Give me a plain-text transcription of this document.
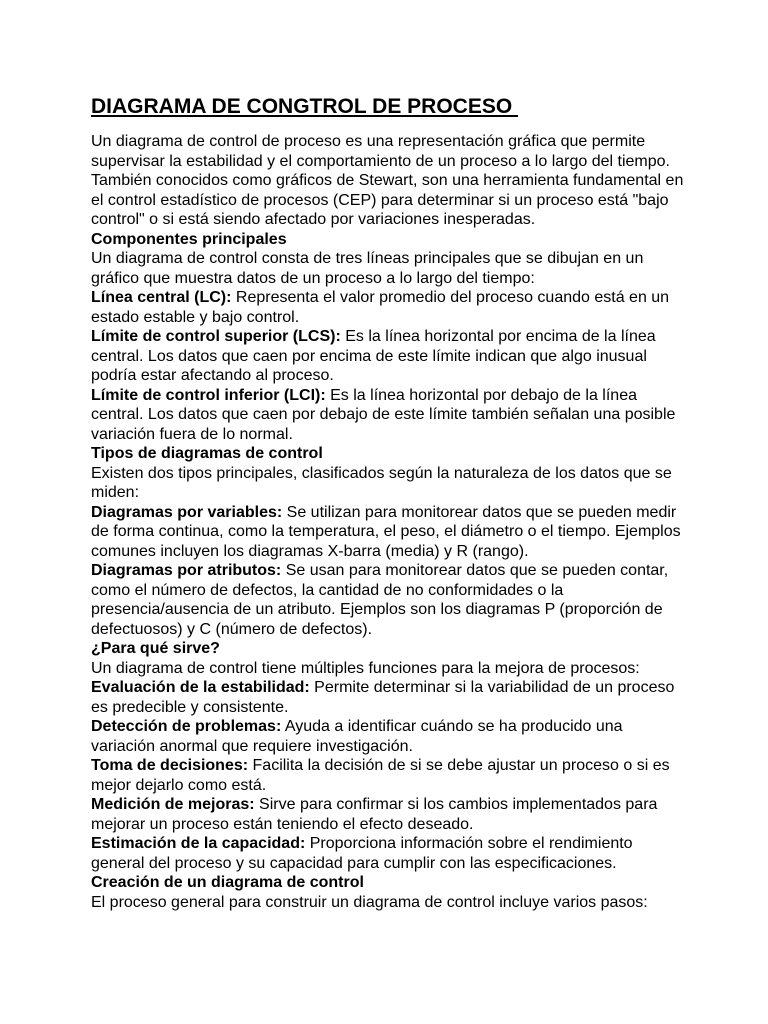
DIAGRAMA DE CONGTROL DE PROCESO

Un diagrama de control de proceso es una representación gráfica que permite supervisar la estabilidad y el comportamiento de un proceso a lo largo del tiempo. También conocidos como gráficos de Stewart, son una herramienta fundamental en el control estadístico de procesos (CEP) para determinar si un proceso está "bajo control" o si está siendo afectado por variaciones inesperadas.

Componentes principales

Un diagrama de control consta de tres líneas principales que se dibujan en un gráfico que muestra datos de un proceso a lo largo del tiempo:

Línea central (LC): Representa el valor promedio del proceso cuando está en un estado estable y bajo control.

Límite de control superior (LCS): Es la línea horizontal por encima de la línea central. Los datos que caen por encima de este límite indican que algo inusual podría estar afectando al proceso.

Límite de control inferior (LCI): Es la línea horizontal por debajo de la línea central. Los datos que caen por debajo de este límite también señalan una posible variación fuera de lo normal.

Tipos de diagramas de control

Existen dos tipos principales, clasificados según la naturaleza de los datos que se miden:

Diagramas por variables: Se utilizan para monitorear datos que se pueden medir de forma continua, como la temperatura, el peso, el diámetro o el tiempo. Ejemplos comunes incluyen los diagramas X-barra (media) y R (rango).

Diagramas por atributos: Se usan para monitorear datos que se pueden contar, como el número de defectos, la cantidad de no conformidades o la presencia/ausencia de un atributo. Ejemplos son los diagramas P (proporción de defectuosos) y C (número de defectos).

¿Para qué sirve?

Un diagrama de control tiene múltiples funciones para la mejora de procesos:

Evaluación de la estabilidad: Permite determinar si la variabilidad de un proceso es predecible y consistente.

Detección de problemas: Ayuda a identificar cuándo se ha producido una variación anormal que requiere investigación.

Toma de decisiones: Facilita la decisión de si se debe ajustar un proceso o si es mejor dejarlo como está.

Medición de mejoras: Sirve para confirmar si los cambios implementados para mejorar un proceso están teniendo el efecto deseado.

Estimación de la capacidad: Proporciona información sobre el rendimiento general del proceso y su capacidad para cumplir con las especificaciones.

Creación de un diagrama de control

El proceso general para construir un diagrama de control incluye varios pasos:
